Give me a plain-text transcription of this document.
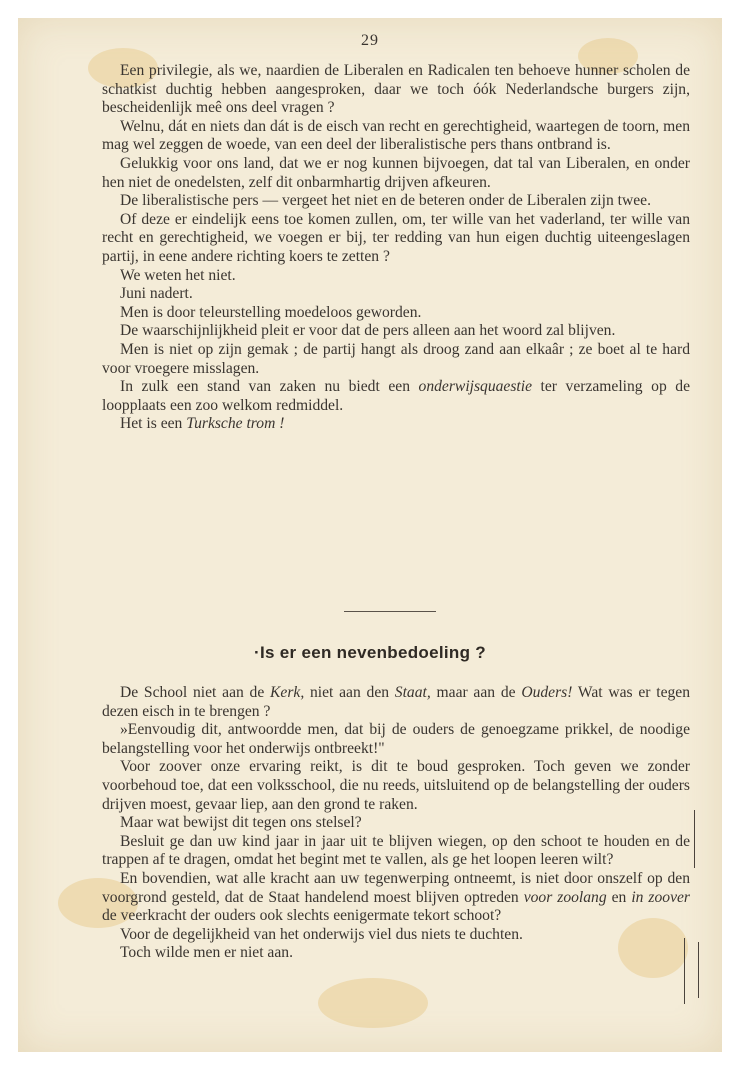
29

Een privilegie, als we, naardien de Liberalen en Radicalen ten behoeve hunner scholen de schatkist duchtig hebben aangesproken, daar we toch óók Nederlandsche burgers zijn, bescheidenlijk meê ons deel vragen ?

Welnu, dát en niets dan dát is de eisch van recht en gerechtigheid, waartegen de toorn, men mag wel zeggen de woede, van een deel der liberalistische pers thans ontbrand is.

Gelukkig voor ons land, dat we er nog kunnen bijvoegen, dat tal van Liberalen, en onder hen niet de onedelsten, zelf dit onbarmhartig drijven afkeuren.

De liberalistische pers — vergeet het niet en de beteren onder de Liberalen zijn twee.

Of deze er eindelijk eens toe komen zullen, om, ter wille van het vaderland, ter wille van recht en gerechtigheid, we voegen er bij, ter redding van hun eigen duchtig uiteengeslagen partij, in eene andere richting koers te zetten ?

We weten het niet.

Juni nadert.

Men is door teleurstelling moedeloos geworden.

De waarschijnlijkheid pleit er voor dat de pers alleen aan het woord zal blijven.

Men is niet op zijn gemak ; de partij hangt als droog zand aan elkaâr ; ze boet al te hard voor vroegere misslagen.

In zulk een stand van zaken nu biedt een onderwijsquaestie ter verzameling op de loopplaats een zoo welkom redmiddel.

Het is een Turksche trom !

·Is er een nevenbedoeling ?

De School niet aan de Kerk, niet aan den Staat, maar aan de Ouders! Wat was er tegen dezen eisch in te brengen ?

»Eenvoudig dit, antwoordde men, dat bij de ouders de genoegzame prikkel, de noodige belangstelling voor het onderwijs ontbreekt!"

Voor zoover onze ervaring reikt, is dit te boud gesproken. Toch geven we zonder voorbehoud toe, dat een volksschool, die nu reeds, uitsluitend op de belangstelling der ouders drijven moest, gevaar liep, aan den grond te raken.

Maar wat bewijst dit tegen ons stelsel?

Besluit ge dan uw kind jaar in jaar uit te blijven wiegen, op den schoot te houden en de trappen af te dragen, omdat het begint met te vallen, als ge het loopen leeren wilt?

En bovendien, wat alle kracht aan uw tegenwerping ontneemt, is niet door onszelf op den voorgrond gesteld, dat de Staat handelend moest blijven optreden voor zoolang en in zoover de veerkracht der ouders ook slechts eenigermate tekort schoot?

Voor de degelijkheid van het onderwijs viel dus niets te duchten.

Toch wilde men er niet aan.
